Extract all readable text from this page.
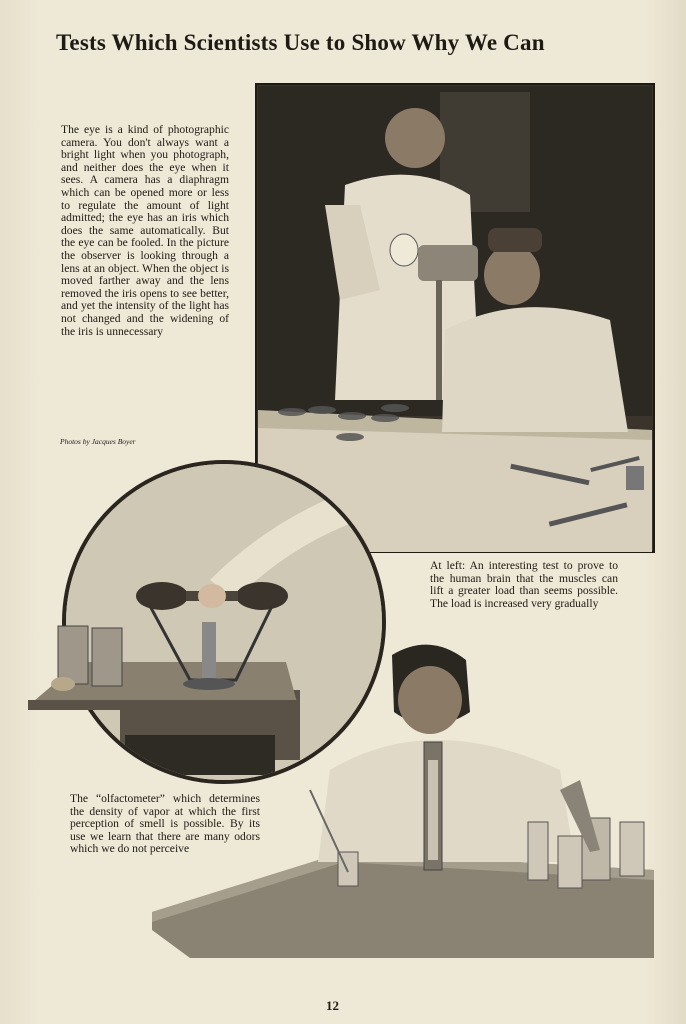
Tests Which Scientists Use to Show Why We Can
The eye is a kind of photographic camera. You don't always want a bright light when you photograph, and neither does the eye when it sees. A camera has a diaphragm which can be opened more or less to regulate the amount of light admitted; the eye has an iris which does the same automatically. But the eye can be fooled. In the picture the observer is looking through a lens at an object. When the object is moved farther away and the lens removed the iris opens to see better, and yet the intensity of the light has not changed and the widening of the iris is unnecessary
Photos by Jacques Boyer
At left: An interesting test to prove to the human brain that the muscles can lift a greater load than seems possible. The load is increased very gradually
The “olfactometer” which determines the density of vapor at which the first perception of smell is possible. By its use we learn that there are many odors which we do not perceive
12
